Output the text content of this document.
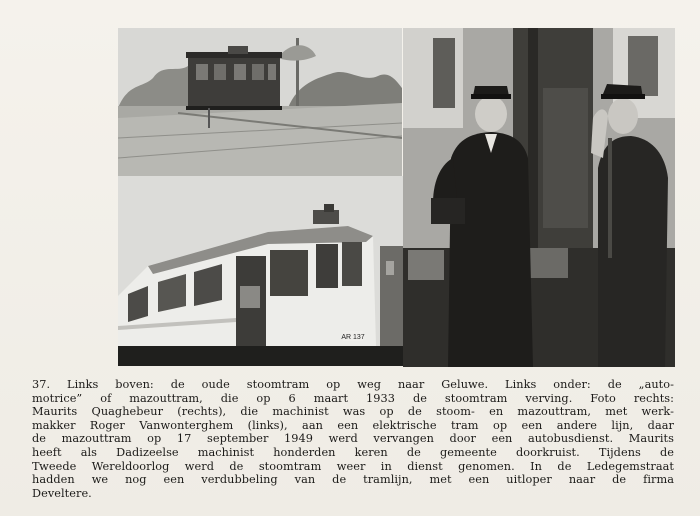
AR 137
37. Links boven: de oude stoomtram op weg naar Geluwe. Links onder: de „auto-
motrice” of mazouttram, die op 6 maart 1933 de stoomtram verving. Foto rechts:
Maurits Quaghebeur (rechts), die machinist was op de stoom- en mazouttram, met werk-
makker Roger Vanwonterghem (links), aan een elektrische tram op een andere lijn, daar
de mazouttram op 17 september 1949 werd vervangen door een autobusdienst. Maurits
heeft als Dadizeelse machinist honderden keren de gemeente doorkruist. Tijdens de
Tweede Wereldoorlog werd de stoomtram weer in dienst genomen. In de Ledegemstraat
hadden we nog een verdubbeling van de tramlijn, met een uitloper naar de firma
Develtere.
